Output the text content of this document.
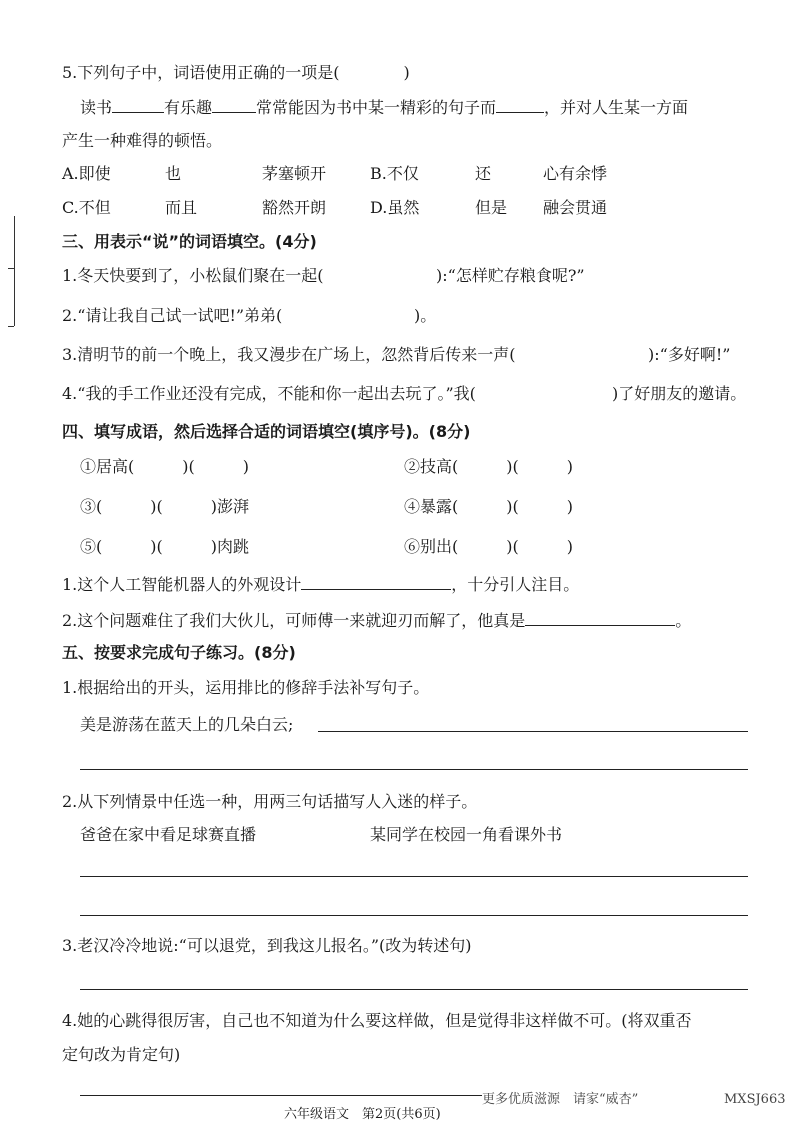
5.下列句子中，词语使用正确的一项是(　　　　)
读书	有乐趣	常常能因为书中某一精彩的句子而	，并对人生某一方面
产生一种难得的顿悟。
A.即使	也	茅塞顿开	B.不仅	还	心有余悸
C.不但	而且	豁然开朗	D.虽然	但是 融会贯通
三、用表示“说”的词语填空。(4分)
1.冬天快要到了，小松鼠们聚在一起(	):“怎样贮存粮食呢?”
2.“请让我自己试一试吧!”弟弟(	)。
3.清明节的前一个晚上，我又漫步在广场上，忽然背后传来一声(	):“多好啊!”
4.“我的手工作业还没有完成，不能和你一起出去玩了。”我(	)了好朋友的邀请。
四、填写成语，然后选择合适的词语填空(填序号)。(8分)
①居高(　　　)(　　　)	②技高(　　　)(　　　)
③(　　　)(　　　)澎湃	④暴露(　　　)(　　　)
⑤(　　　)(　　　)肉跳	⑥别出(　　　)(　　　)
1.这个人工智能机器人的外观设计	，十分引人注目。
2.这个问题难住了我们大伙儿，可师傅一来就迎刃而解了，他真是	。
五、按要求完成句子练习。(8分)
1.根据给出的开头，运用排比的修辞手法补写句子。
美是游荡在蓝天上的几朵白云;
2.从下列情景中任选一种，用两三句话描写人入迷的样子。
爸爸在家中看足球赛直播	某同学在校园一角看课外书
3.老汉冷冷地说:“可以退党，到我这儿报名。”(改为转述句)
4.她的心跳得很厉害，自己也不知道为什么要这样做，但是觉得非这样做不可。(将双重否
定句改为肯定句)
更多优质滋源　请家“威杏”	MXSJ663
六年级语文　第2页(共6页)
